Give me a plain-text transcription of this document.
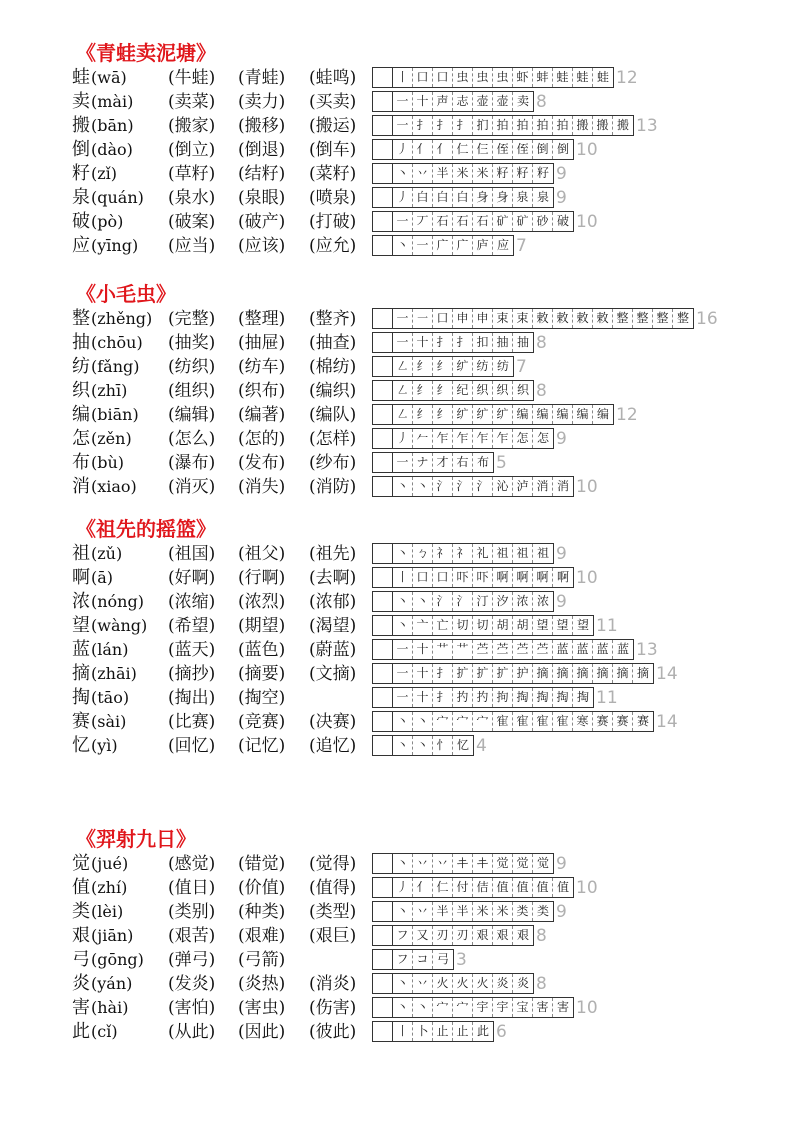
《青蛙卖泥塘》
蛙 (wā) (牛蛙) (青蛙) (蛙鸣)	丨 口 口 虫 虫 虫 虾 蚌 蛙 蛙 蛙 12
卖 (mài) (卖菜) (卖力) (买卖)	一 十 声 志 壶 壶 卖 8
搬 (bān) (搬家) (搬移) (搬运)	一 扌 扌 扌 扪 拍 拍 拍 拍 搬 搬 搬 13
倒 (dào) (倒立) (倒退) (倒车)	丿 亻 亻 仁 仨 侄 侄 倒 倒 10
籽 (zǐ)	(草籽) (结籽) (菜籽)	丶 丷 半 米 米 籽 籽 籽 9
泉 (quán) (泉水) (泉眼) (喷泉)	丿 白 白 白 身 身 泉 泉 9
破 (pò)	(破案) (破产) (打破)	一 丆 石 石 石 矿 矿 砂 破 10
应 (yīng) (应当) (应该) (应允)	丶 一 广 广 庐 应 7
《小毛虫》
整 (zhěng) (完整) (整理) (整齐)	一 ㇐ 口 申 申 束 束 敕 敕 敕 敕 整 整 整 整 16
抽 (chōu) (抽奖) (抽屉) (抽查)	一 十 扌 扌 扣 抽 抽 8
纺 (fǎng) (纺织) (纺车) (棉纺)	㇜ 纟 纟 纩 纺 纺 7
织 (zhī) (组织) (织布) (编织)	㇜ 纟 纟 纪 织 织 织 8
编 (biān) (编辑) (编著) (编队)	㇜ 纟 纟 纩 纩 纩 编 编 编 编 编 12
怎 (zěn) (怎么) (怎的) (怎样)	丿 𠂉 乍 乍 乍 乍 怎 怎 9
布 (bù)	(瀑布) (发布) (纱布)	一 ナ 才 右 布 5
消 (xiao) (消灭) (消失) (消防)	丶 丶 氵 氵 氵 沁 泸 消 消 10
《祖先的摇篮》
祖 (zǔ)	(祖国) (祖父) (祖先)	丶 ㄅ 礻 礻 礼 祖 祖 祖 9
啊 (ā)	(好啊) (行啊) (去啊)	丨 口 口 吓 吓 啊 啊 啊 啊 10
浓 (nóng) (浓缩) (浓烈) (浓郁)	丶 丶 氵 氵 汀 汐 浓 浓 9
望 (wàng) (希望) (期望) (渴望)	丶 亠 亡 切 切 胡 胡 望 望 望 11
蓝 (lán) (蓝天) (蓝色) (蔚蓝)	一 十 艹 艹 苎 苎 苎 苎 蓝 蓝 蓝 蓝 13
摘 (zhāi) (摘抄) (摘要) (文摘)	一 十 扌 扩 扩 扩 护 摘 摘 摘 摘 摘 摘 14
掏 (tāo) (掏出) (掏空)	一 十 扌 扚 扚 拘 掏 掏 掏 掏 11
赛 (sài) (比赛) (竞赛) (决赛)	丶 丶 宀 宀 宀 寉 寉 寉 寉 寒 赛 赛 赛 14
忆 (yì)	(回忆) (记忆) (追忆)	丶 丶 忄 忆 4
《羿射九日》
觉 (jué) (感觉) (错觉) (觉得)	丶 丷 丷 𰀁 𰀁 觉 觉 觉 9
值 (zhí) (值日) (价值) (值得)	丿 亻 仁 付 佶 值 值 值 值 10
类 (lèi)	(类别) (种类) (类型)	丶 丷 半 半 米 米 类 类 9
艰 (jiān) (艰苦) (艰难) (艰巨)	フ 又 刃 刃 艰 艰 艰 8
弓 (gōng) (弹弓) (弓箭)	フ コ 弓 3
炎 (yán) (发炎) (炎热) (消炎)	丶 丷 火 火 火 炎 炎 8
害 (hài) (害怕) (害虫) (伤害)	丶 丶 宀 宀 宇 宇 宝 害 害 10
此 (cǐ)	(从此) (因此) (彼此)	丨 卜 止 止 此 6
